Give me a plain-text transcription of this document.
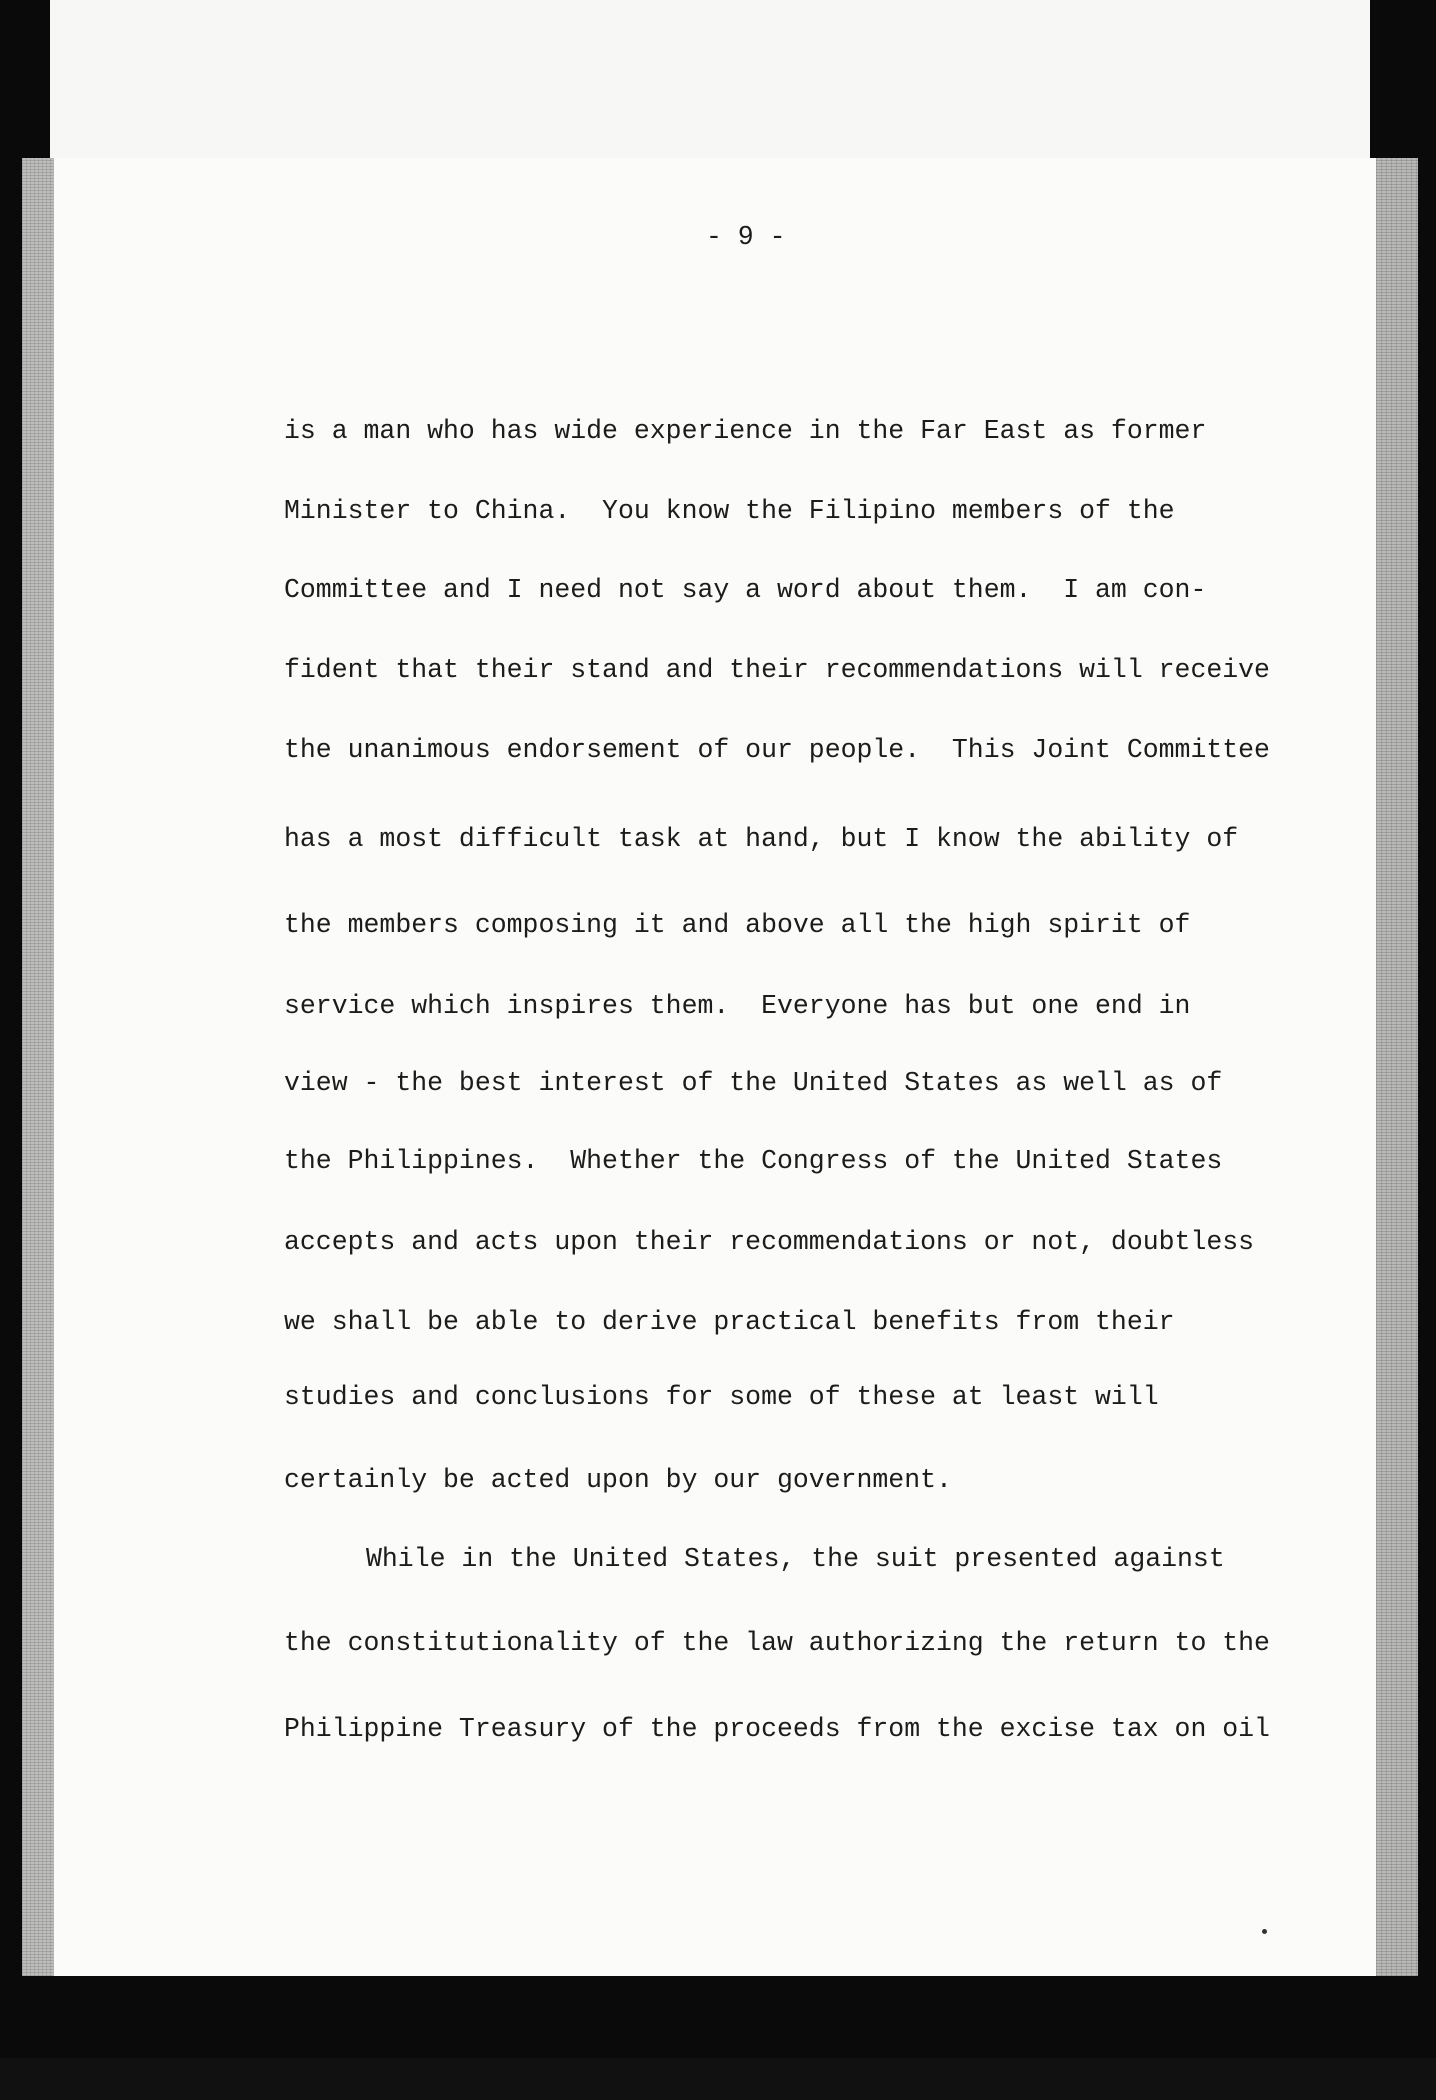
- 9 -
is a man who has wide experience in the Far East as former
Minister to China.  You know the Filipino members of the
Committee and I need not say a word about them.  I am con-
fident that their stand and their recommendations will receive
the unanimous endorsement of our people.  This Joint Committee
has a most difficult task at hand, but I know the ability of
the members composing it and above all the high spirit of
service which inspires them.  Everyone has but one end in
view - the best interest of the United States as well as of
the Philippines.  Whether the Congress of the United States
accepts and acts upon their recommendations or not, doubtless
we shall be able to derive practical benefits from their
studies and conclusions for some of these at least will
certainly be acted upon by our government.
While in the United States, the suit presented against
the constitutionality of the law authorizing the return to the
Philippine Treasury of the proceeds from the excise tax on oil
